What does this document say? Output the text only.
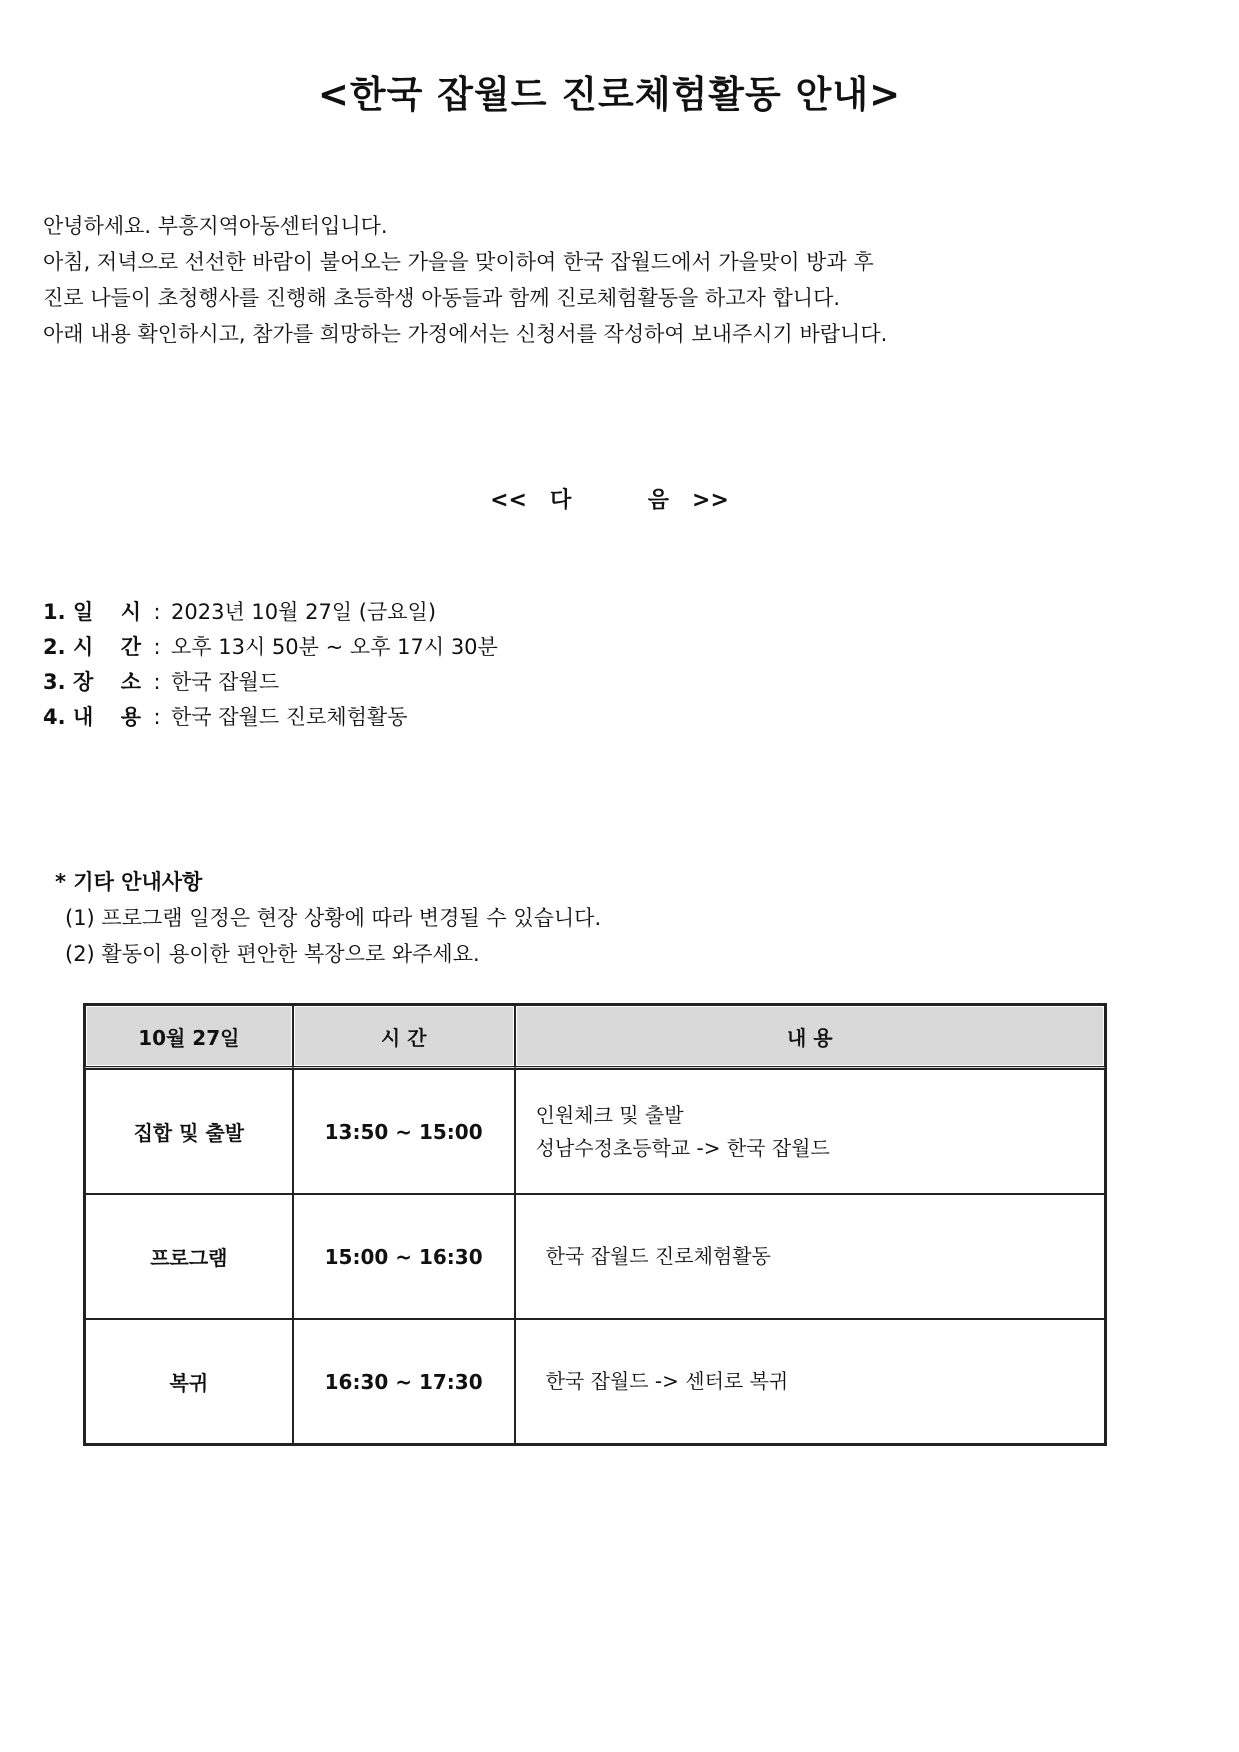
<한국 잡월드 진로체험활동 안내>

안녕하세요. 부흥지역아동센터입니다.

아침, 저녁으로 선선한 바람이 불어오는 가을을 맞이하여 한국 잡월드에서 가을맞이 방과 후

진로 나들이 초청행사를 진행해 초등학생 아동들과 함께 진로체험활동을 하고자 합니다.

아래 내용 확인하시고, 참가를 희망하는 가정에서는 신청서를 작성하여 보내주시기 바랍니다.

<<   다          음   >>
1. 일 시 : 2023년 10월 27일 (금요일)
2. 시 간 : 오후 13시 50분 ~ 오후 17시 30분
3. 장 소 : 한국 잡월드
4. 내 용 : 한국 잡월드 진로체험활동

* 기타 안내사항

(1) 프로그램 일정은 현장 상황에 따라 변경될 수 있습니다.

(2) 활동이 용이한 편안한 복장으로 와주세요.

10월 27일	시 간	내 용
집합 및 출발	13:50 ~ 15:00	인원체크 및 출발
성남수정초등학교 -> 한국 잡월드

프로그램	15:00 ~ 16:30	한국 잡월드 진로체험활동

복귀	16:30 ~ 17:30	한국 잡월드 -> 센터로 복귀
